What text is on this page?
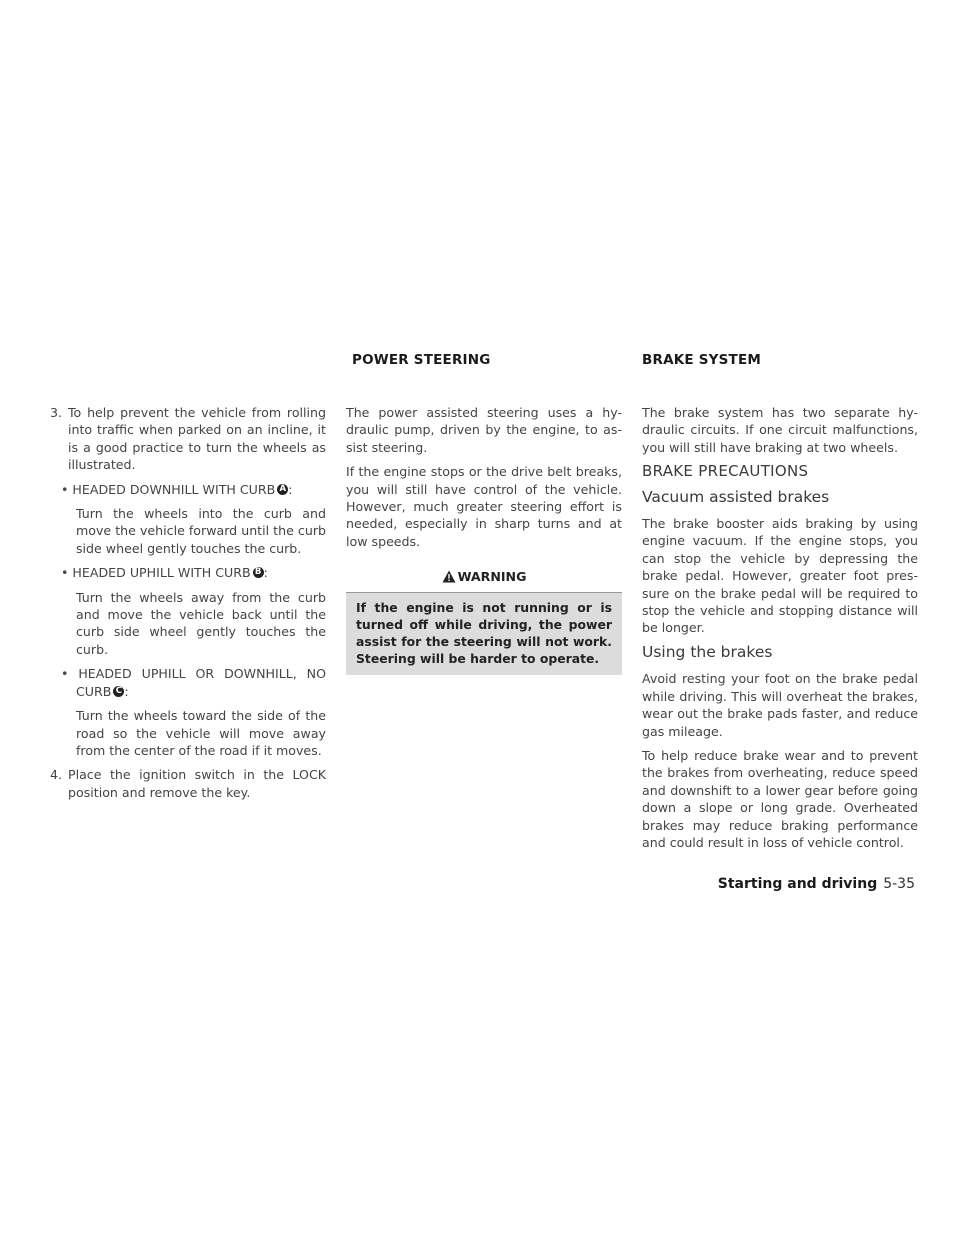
POWER STEERING	BRAKE SYSTEM
3. To help prevent the vehicle from rolling into traffic when parked on an incline, it is a good practice to turn the wheels as illustrated.
• HEADED DOWNHILL WITH CURB A :
Turn the wheels into the curb and move the vehicle forward until the curb side wheel gently touches the curb.
• HEADED UPHILL WITH CURB B :
Turn the wheels away from the curb and move the vehicle back until the curb side wheel gently touches the curb.
• HEADED UPHILL OR DOWNHILL, NO CURB C :
Turn the wheels toward the side of the road so the vehicle will move away from the center of the road if it moves.
4. Place the ignition switch in the LOCK position and remove the key.

The power assisted steering uses a hy- draulic pump, driven by the engine, to as- sist steering.

If the engine stops or the drive belt breaks, you will still have control of the vehicle. However, much greater steering effort is needed, especially in sharp turns and at low speeds.

WARNING
If the engine is not running or is turned off while driving, the power assist for the steering will not work. Steering will be harder to operate.

The brake system has two separate hy- draulic circuits. If one circuit malfunctions, you will still have braking at two wheels.

BRAKE PRECAUTIONS
Vacuum assisted brakes

The brake booster aids braking by using engine vacuum. If the engine stops, you can stop the vehicle by depressing the brake pedal. However, greater foot pres- sure on the brake pedal will be required to stop the vehicle and stopping distance will be longer.

Using the brakes

Avoid resting your foot on the brake pedal while driving. This will overheat the brakes, wear out the brake pads faster, and reduce gas mileage.

To help reduce brake wear and to prevent the brakes from overheating, reduce speed and downshift to a lower gear before going down a slope or long grade. Overheated brakes may reduce braking performance and could result in loss of vehicle control.

Starting and driving 5-35
